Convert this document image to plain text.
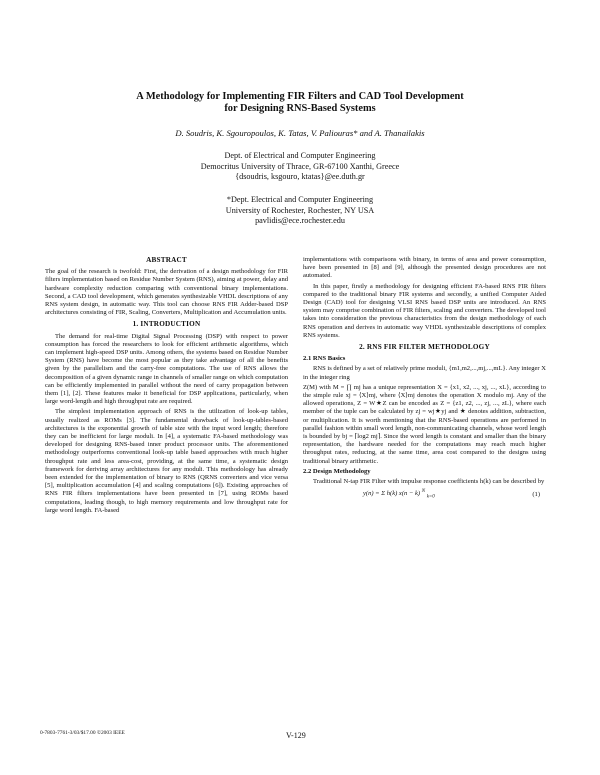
A Methodology for Implementing FIR Filters and CAD Tool Development
for Designing RNS-Based Systems
D. Soudris, K. Sgouropoulos, K. Tatas, V. Paliouras* and A. Thanailakis
Dept. of Electrical and Computer Engineering
Democritus University of Thrace, GR-67100 Xanthi, Greece
{dsoudris, ksgouro, ktatas}@ee.duth.gr
*Dept. Electrical and Computer Engineering
University of Rochester, Rochester, NY USA
pavlidis@ece.rochester.edu
ABSTRACT

The goal of the research is twofold: First, the derivation of a design methodology for FIR filters implementation based on Residue Number System (RNS), aiming at power, delay and hardware complexity reduction comparing with conventional binary implementations. Second, a CAD tool development, which generates synthesizable VHDL descriptions of any RNS system design, in automatic way. This tool can choose RNS FIR Adder-based DSP architectures consisting of FIR, Scaling, Converters, Multiplication and Accumulation units.

1. INTRODUCTION

The demand for real-time Digital Signal Processing (DSP) with respect to power consumption has forced the researchers to look for efficient arithmetic algorithms, which can implement high-speed DSP units. Among others, the systems based on Residue Number System (RNS) have become the most popular as they take advantage of all the benefits given by the parallelism and the carry-free computations. The use of RNS allows the decomposition of a given dynamic range in channels of smaller range on which computation can be efficiently implemented in parallel without the need of carry propagation between them [1], [2]. These features make it beneficial for DSP applications, particularly, when large word-length and high throughput rate are required.

The simplest implementation approach of RNS is the utilization of look-up tables, usually realized as ROMs [3]. The fundamental drawback of look-up-tables-based architectures is the exponential growth of table size with the input word length; therefore they can be inefficient for large moduli. In [4], a systematic FA-based methodology was developed for designing RNS-based inner product processor units. The aforementioned methodology outperforms conventional look-up table based approaches with much higher throughput rate and less area-cost, providing, at the same time, a systematic design framework for deriving array architectures for any moduli. This methodology has already been extended for the implementation of binary to RNS (QRNS converters and vice versa [5], multiplication accumulation [4] and scaling computations [6]). Existing approaches of RNS FIR filters implementations have been presented in [7], using ROMs based computations, leading though, to high memory requirements and low throughput rate for large word length. FA-based

implementations with comparisons with binary, in terms of area and power consumption, have been presented in [8] and [9], although the presented design procedures are not automated.

In this paper, firstly a methodology for designing efficient FA-based RNS FIR filters compared to the traditional binary FIR systems and secondly, a unified Computer Aided Design (CAD) tool for designing VLSI RNS based DSP units are introduced. An RNS system may comprise combination of FIR filters, scaling and converters. The developed tool takes into consideration the previous characteristics from the design methodology of each RNS operation and derives in automatic way VHDL synthesizable descriptions of complex RNS systems.

2. RNS FIR FILTER METHODOLOGY
2.1 RNS Basics

RNS is defined by a set of relatively prime moduli, {m1,m2,...,mj,...,mL}. Any integer X in the integer ring

Z(M) with M = ∏ mj has a unique representation X = {x1, x2, ..., xj, ..., xL}, according to the simple rule xj = ⟨X⟩mj, where ⟨X⟩mj denotes the operation X modulo mj. Any of the allowed operations, Z = W★Z can be encoded as Z = {z1, z2, ..., zj, ..., zL}, where each member of the tuple can be calculated by zj = wj★yj and ★ denotes addition, subtraction, or multiplication. It is worth mentioning that the RNS-based operations are performed in parallel fashion within small word length, non-communicating channels, whose word length is bounded by bj = ⌈log2 mj⌉. Since the word length is constant and smaller than the binary representation, the hardware needed for the computations may reach much higher throughput rates, reducing, at the same time, area cost compared to the designs using traditional binary arithmetic.

2.2 Design Methodology

Traditional N-tap FIR Filter with impulse response coefficients h(k) can be described by

y(n) = Σ h(k) x(n − k) $^N$ $_{k=0}$	(1)
0-7803-7761-3/03/$17.00 ©2003 IEEE	V-129
